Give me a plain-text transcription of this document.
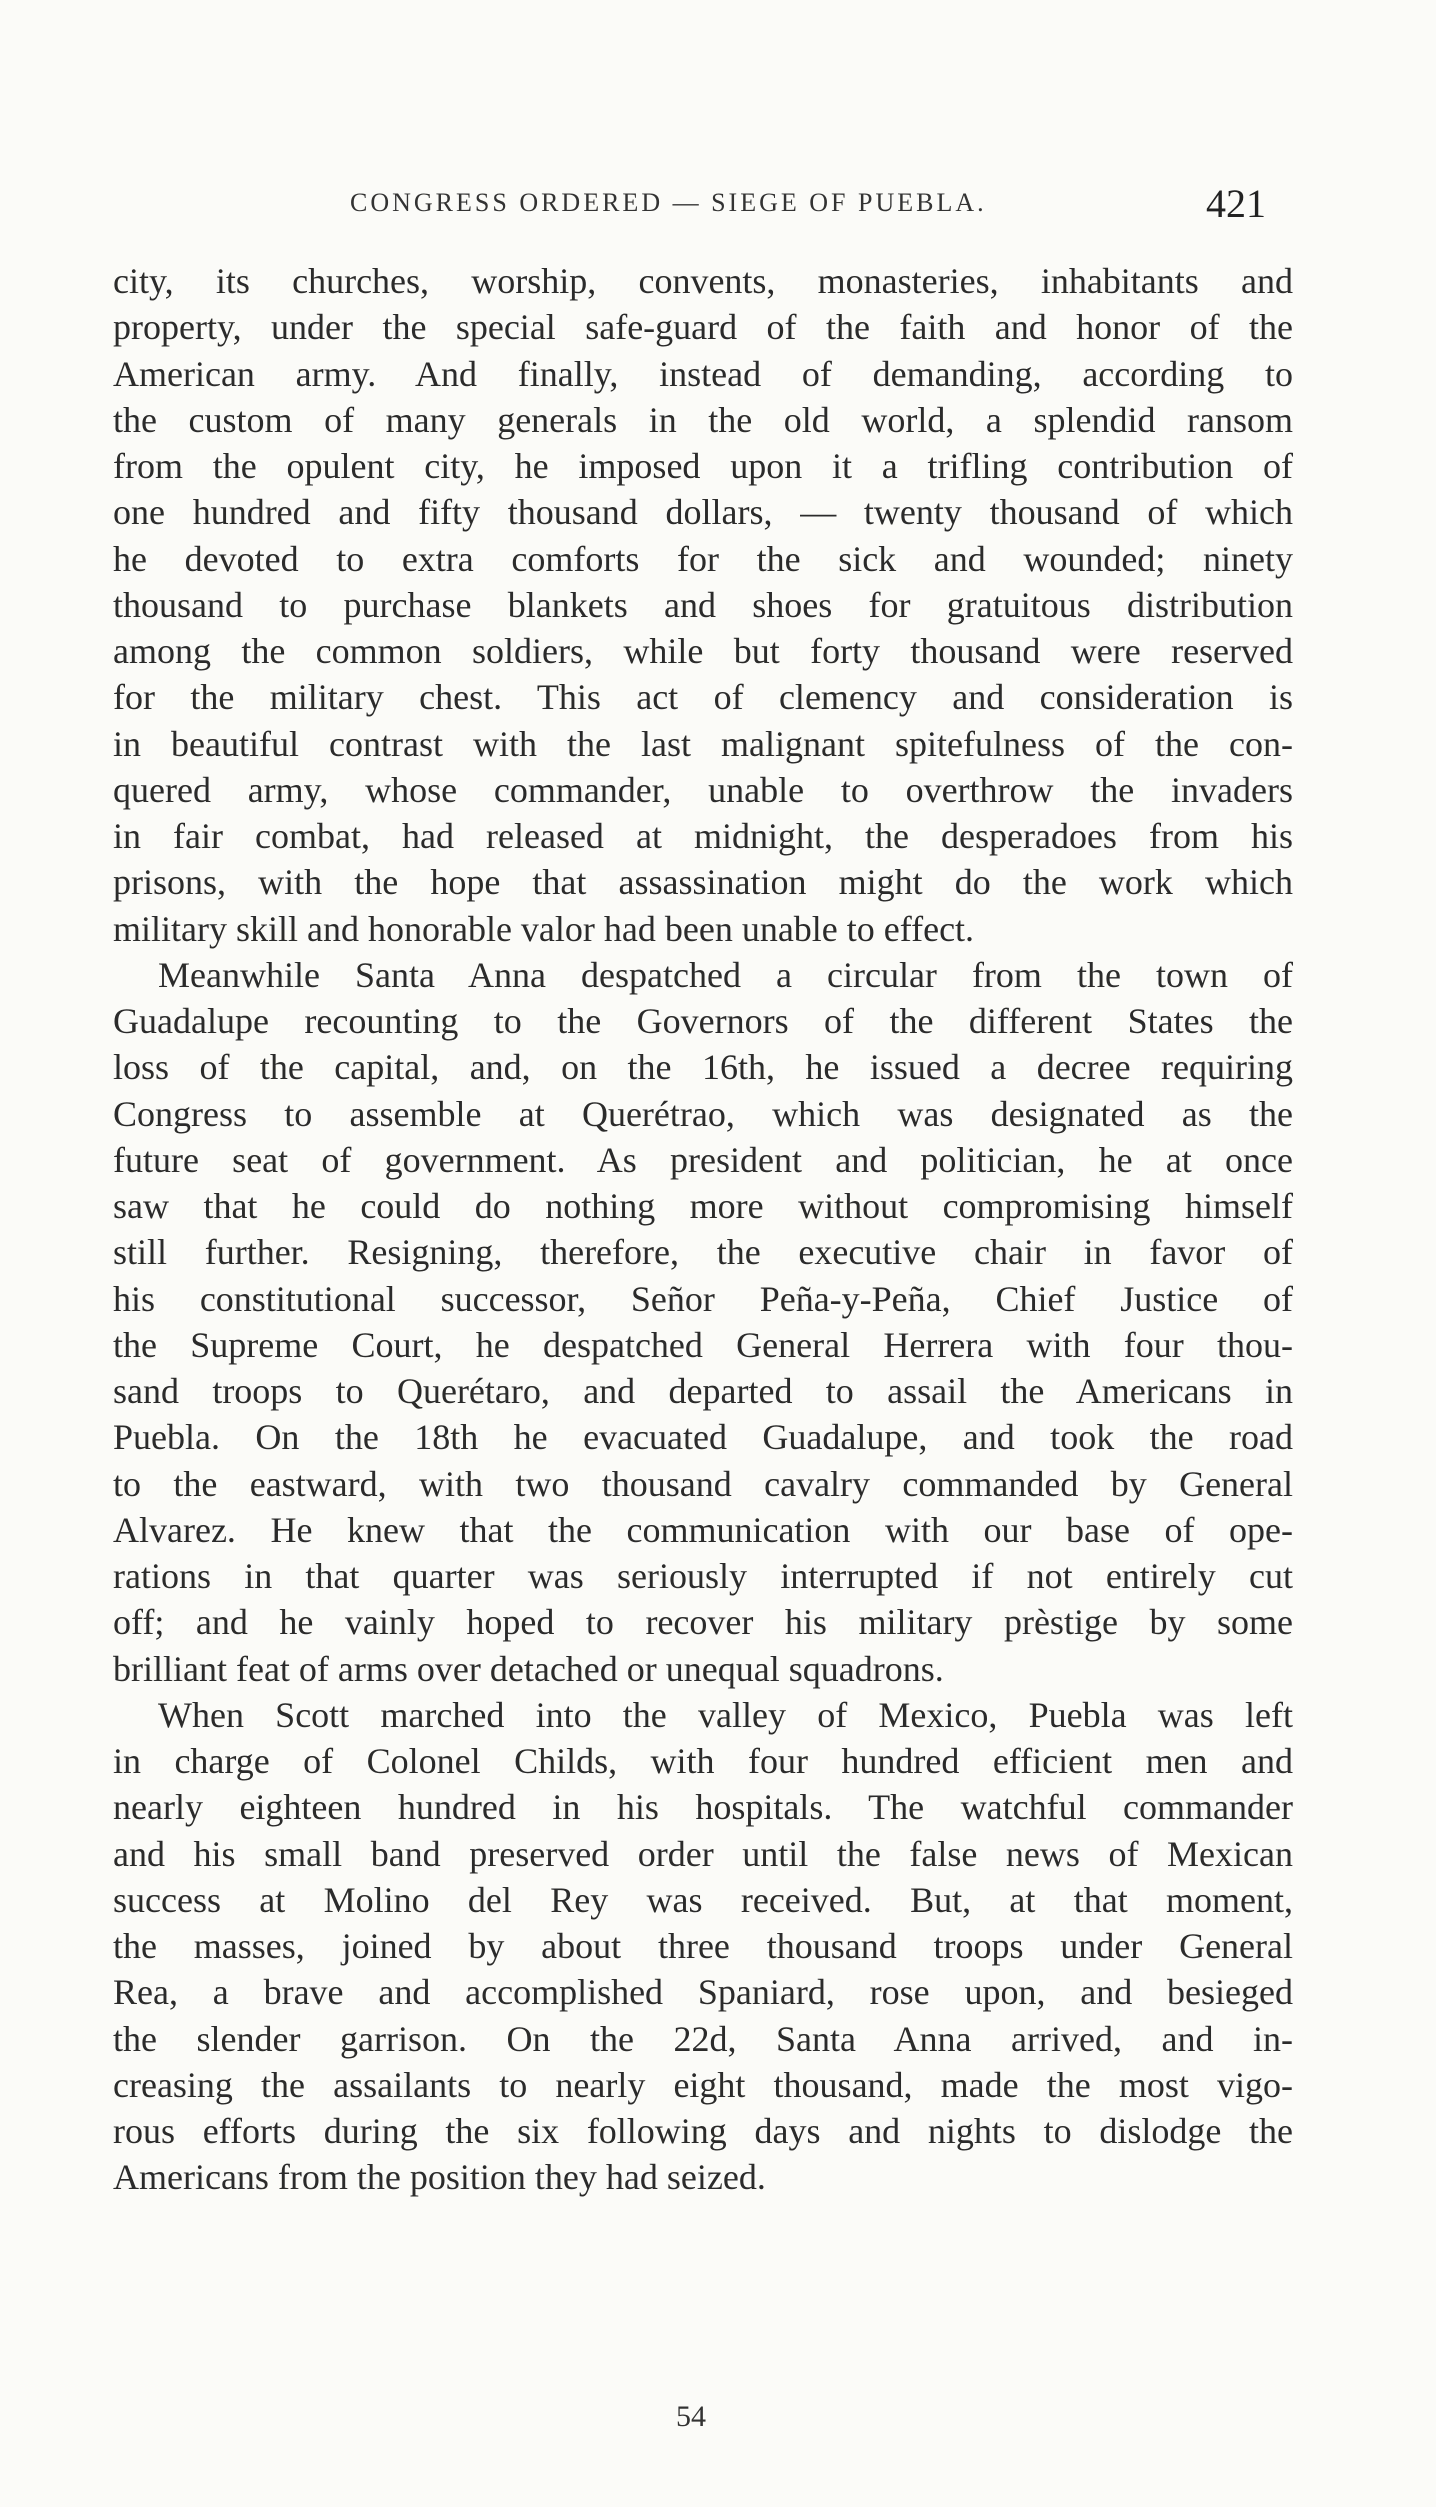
CONGRESS ORDERED — SIEGE OF PUEBLA.	421
city, its churches, worship, convents, monasteries, inhabitants and
property, under the special safe-guard of the faith and honor of the
American army. And finally, instead of demanding, according to
the custom of many generals in the old world, a splendid ransom
from the opulent city, he imposed upon it a trifling contribution of
one hundred and fifty thousand dollars, — twenty thousand of which
he devoted to extra comforts for the sick and wounded; ninety
thousand to purchase blankets and shoes for gratuitous distribution
among the common soldiers, while but forty thousand were reserved
for the military chest. This act of clemency and consideration is
in beautiful contrast with the last malignant spitefulness of the con-
quered army, whose commander, unable to overthrow the invaders
in fair combat, had released at midnight, the desperadoes from his
prisons, with the hope that assassination might do the work which
military skill and honorable valor had been unable to effect.
Meanwhile Santa Anna despatched a circular from the town of
Guadalupe recounting to the Governors of the different States the
loss of the capital, and, on the 16th, he issued a decree requiring
Congress to assemble at Querétrao, which was designated as the
future seat of government. As president and politician, he at once
saw that he could do nothing more without compromising himself
still further. Resigning, therefore, the executive chair in favor of
his constitutional successor, Señor Peña-y-Peña, Chief Justice of
the Supreme Court, he despatched General Herrera with four thou-
sand troops to Querétaro, and departed to assail the Americans in
Puebla. On the 18th he evacuated Guadalupe, and took the road
to the eastward, with two thousand cavalry commanded by General
Alvarez. He knew that the communication with our base of ope-
rations in that quarter was seriously interrupted if not entirely cut
off; and he vainly hoped to recover his military prèstige by some
brilliant feat of arms over detached or unequal squadrons.
When Scott marched into the valley of Mexico, Puebla was left
in charge of Colonel Childs, with four hundred efficient men and
nearly eighteen hundred in his hospitals. The watchful commander
and his small band preserved order until the false news of Mexican
success at Molino del Rey was received. But, at that moment,
the masses, joined by about three thousand troops under General
Rea, a brave and accomplished Spaniard, rose upon, and besieged
the slender garrison. On the 22d, Santa Anna arrived, and in-
creasing the assailants to nearly eight thousand, made the most vigo-
rous efforts during the six following days and nights to dislodge the
Americans from the position they had seized.
54
